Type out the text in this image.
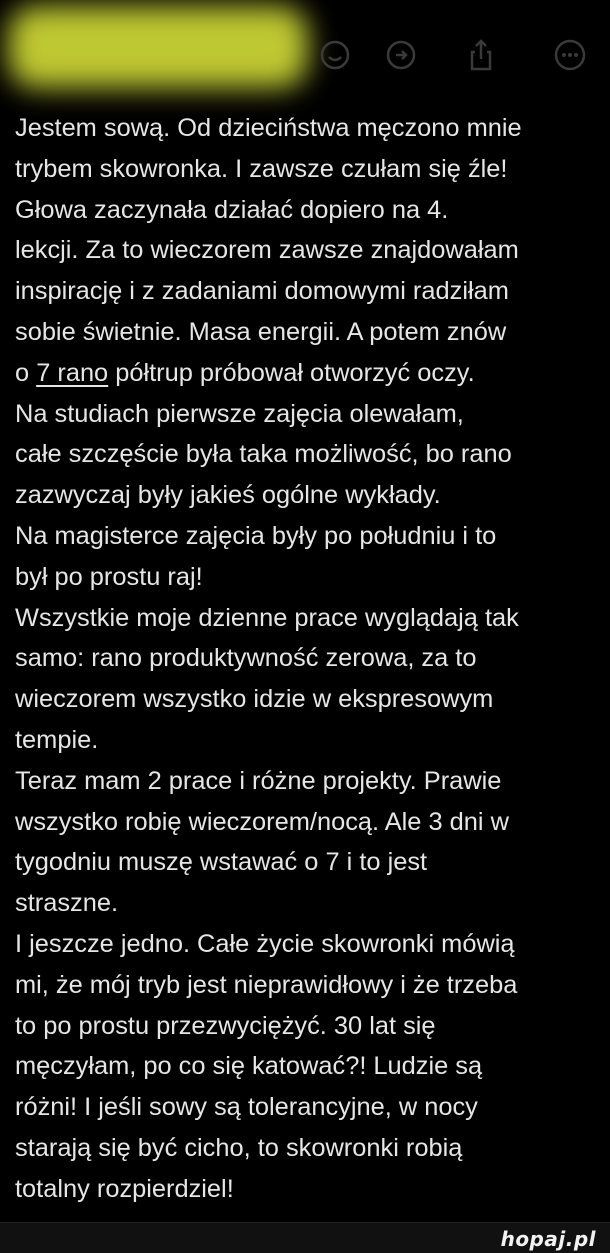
Jestem sową. Od dzieciństwa męczono mnie
trybem skowronka. I zawsze czułam się źle!
Głowa zaczynała działać dopiero na 4.
lekcji. Za to wieczorem zawsze znajdowałam
inspirację i z zadaniami domowymi radziłam
sobie świetnie. Masa energii. A potem znów
o 7 rano półtrup próbował otworzyć oczy.
Na studiach pierwsze zajęcia olewałam,
całe szczęście była taka możliwość, bo rano
zazwyczaj były jakieś ogólne wykłady.
Na magisterce zajęcia były po południu i to
był po prostu raj!
Wszystkie moje dzienne prace wyglądają tak
samo: rano produktywność zerowa, za to
wieczorem wszystko idzie w ekspresowym
tempie.
Teraz mam 2 prace i różne projekty. Prawie
wszystko robię wieczorem/nocą. Ale 3 dni w
tygodniu muszę wstawać o 7 i to jest
straszne.
I jeszcze jedno. Całe życie skowronki mówią
mi, że mój tryb jest nieprawidłowy i że trzeba
to po prostu przezwyciężyć. 30 lat się
męczyłam, po co się katować?! Ludzie są
różni! I jeśli sowy są tolerancyjne, w nocy
starają się być cicho, to skowronki robią
totalny rozpierdziel!
hopaj.pl
